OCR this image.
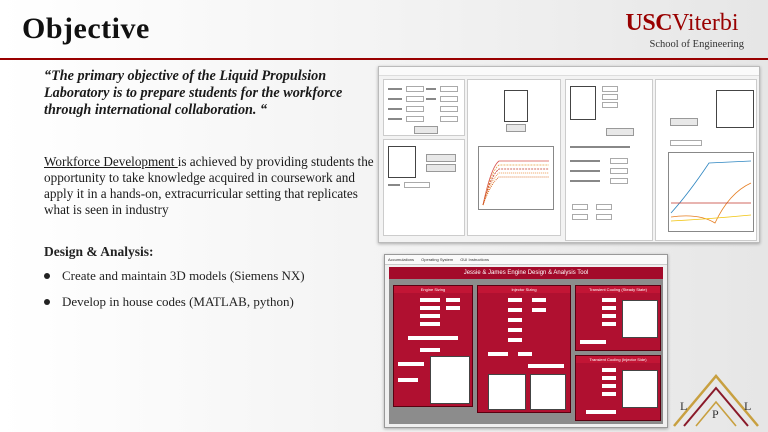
Objective	USCViterbi
School of Engineering
“The primary objective of the Liquid Propulsion Laboratory is to prepare students for the workforce through international collaboration. “
Workforce Development is achieved by providing students the opportunity to take knowledge acquired in coursework and apply it in a hands-on, extracurricular setting that replicates what is seen in industry
Design & Analysis:
Create and maintain 3D models (Siemens NX)
Develop in house codes (MATLAB, python)
Accumulations Operating System GUI Instructions
Jessie & James Engine Design & Analysis Tool
Engine Sizing	Injector Sizing	Transient Cooling (Steady State)
Transient Cooling (Injector Side)
L
P
L
